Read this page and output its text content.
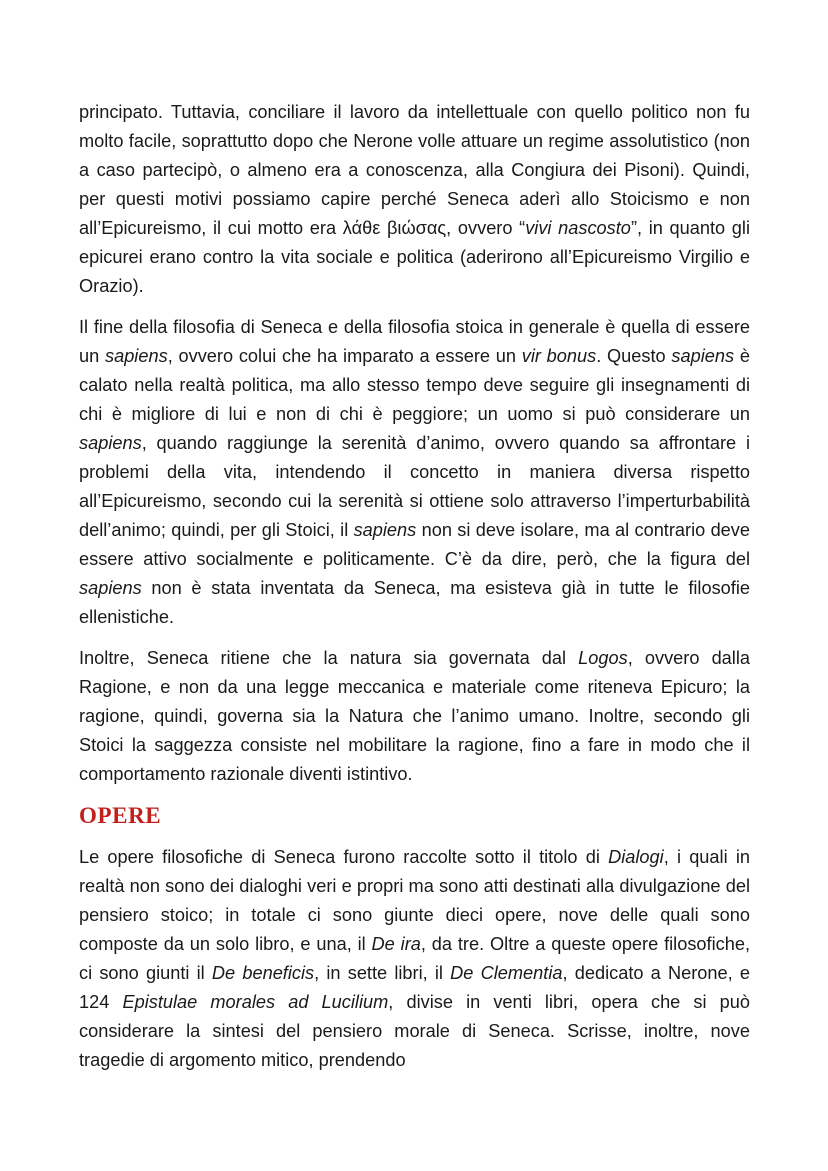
principato. Tuttavia, conciliare il lavoro da intellettuale con quello politico non fu molto facile, soprattutto dopo che Nerone volle attuare un regime assolutistico (non a caso partecipò, o almeno era a conoscenza, alla Congiura dei Pisoni). Quindi, per questi motivi possiamo capire perché Seneca aderì allo Stoicismo e non all’Epicureismo, il cui motto era λάθε βιώσας, ovvero “vivi nascosto”, in quanto gli epicurei erano contro la vita sociale e politica (aderirono all’Epicureismo Virgilio e Orazio).

Il fine della filosofia di Seneca e della filosofia stoica in generale è quella di essere un sapiens, ovvero colui che ha imparato a essere un vir bonus. Questo sapiens è calato nella realtà politica, ma allo stesso tempo deve seguire gli insegnamenti di chi è migliore di lui e non di chi è peggiore; un uomo si può considerare un sapiens, quando raggiunge la serenità d’animo, ovvero quando sa affrontare i problemi della vita, intendendo il concetto in maniera diversa rispetto all’Epicureismo, secondo cui la serenità si ottiene solo attraverso l’imperturbabilità dell’animo; quindi, per gli Stoici, il sapiens non si deve isolare, ma al contrario deve essere attivo socialmente e politicamente. C’è da dire, però, che la figura del sapiens non è stata inventata da Seneca, ma esisteva già in tutte le filosofie ellenistiche.

Inoltre, Seneca ritiene che la natura sia governata dal Logos, ovvero dalla Ragione, e non da una legge meccanica e materiale come riteneva Epicuro; la ragione, quindi, governa sia la Natura che l’animo umano. Inoltre, secondo gli Stoici la saggezza consiste nel mobilitare la ragione, fino a fare in modo che il comportamento razionale diventi istintivo.

OPERE

Le opere filosofiche di Seneca furono raccolte sotto il titolo di Dialogi, i quali in realtà non sono dei dialoghi veri e propri ma sono atti destinati alla divulgazione del pensiero stoico; in totale ci sono giunte dieci opere, nove delle quali sono composte da un solo libro, e una, il De ira, da tre. Oltre a queste opere filosofiche, ci sono giunti il De beneficis, in sette libri, il De Clementia, dedicato a Nerone, e 124 Epistulae morales ad Lucilium, divise in venti libri, opera che si può considerare la sintesi del pensiero morale di Seneca. Scrisse, inoltre, nove tragedie di argomento mitico, prendendo
